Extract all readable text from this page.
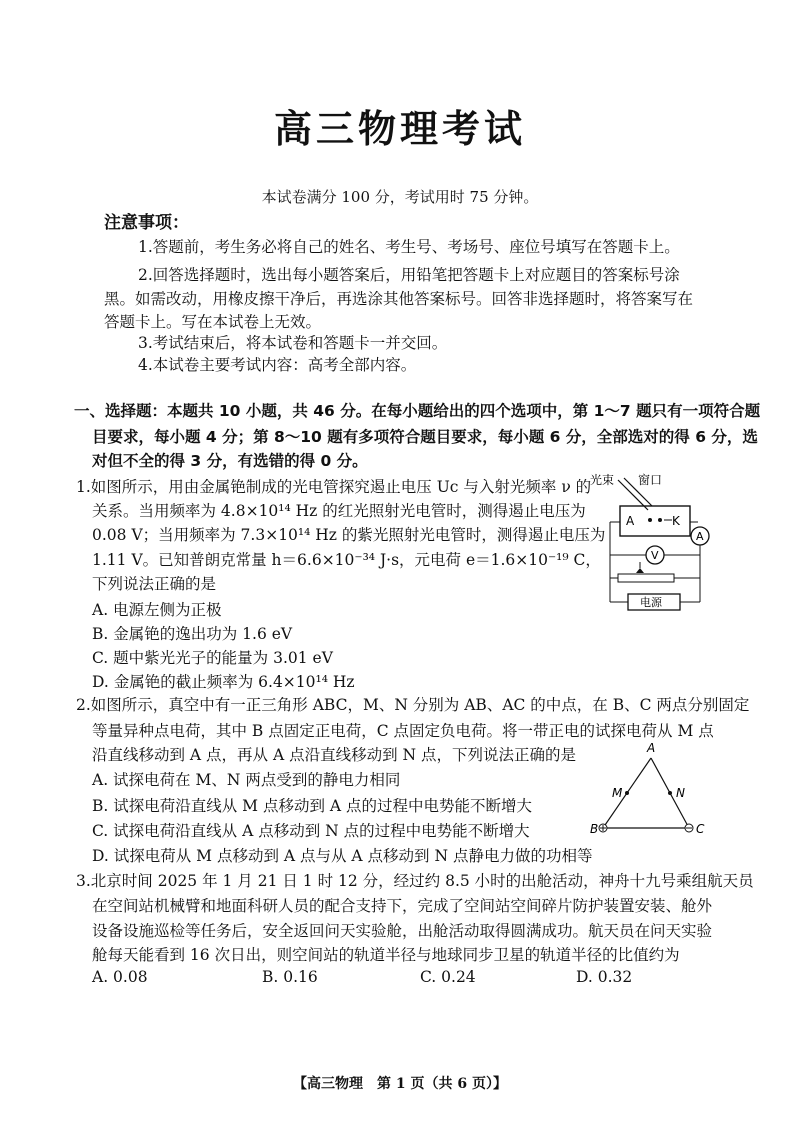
高三物理考试
本试卷满分 100 分，考试用时 75 分钟。
注意事项：
1.答题前，考生务必将自己的姓名、考生号、考场号、座位号填写在答题卡上。
2.回答选择题时，选出每小题答案后，用铅笔把答题卡上对应题目的答案标号涂
黑。如需改动，用橡皮擦干净后，再选涂其他答案标号。回答非选择题时，将答案写在
答题卡上。写在本试卷上无效。
3.考试结束后，将本试卷和答题卡一并交回。
4.本试卷主要考试内容：高考全部内容。
一、选择题：本题共 10 小题，共 46 分。在每小题给出的四个选项中，第 1～7 题只有一项符合题
目要求，每小题 4 分；第 8～10 题有多项符合题目要求，每小题 6 分，全部选对的得 6 分，选
对但不全的得 3 分，有选错的得 0 分。
1.如图所示，用由金属铯制成的光电管探究遏止电压 Uc 与入射光频率 ν 的
关系。当用频率为 4.8×10¹⁴ Hz 的红光照射光电管时，测得遏止电压为
0.08 V；当用频率为 7.3×10¹⁴ Hz 的紫光照射光电管时，测得遏止电压为
1.11 V。已知普朗克常量 h＝6.6×10⁻³⁴ J·s，元电荷 e＝1.6×10⁻¹⁹ C，
下列说法正确的是
A. 电源左侧为正极
B. 金属铯的逸出功为 1.6 eV
C. 题中紫光光子的能量为 3.01 eV
D. 金属铯的截止频率为 6.4×10¹⁴ Hz
光束 窗口
A	K
A
V
电源
2.如图所示，真空中有一正三角形 ABC，M、N 分别为 AB、AC 的中点，在 B、C 两点分别固定
等量异种点电荷，其中 B 点固定正电荷，C 点固定负电荷。将一带正电的试探电荷从 M 点
沿直线移动到 A 点，再从 A 点沿直线移动到 N 点，下列说法正确的是
A. 试探电荷在 M、N 两点受到的静电力相同
B. 试探电荷沿直线从 M 点移动到 A 点的过程中电势能不断增大
C. 试探电荷沿直线从 A 点移动到 N 点的过程中电势能不断增大
D. 试探电荷从 M 点移动到 A 点与从 A 点移动到 N 点静电力做的功相等
A
M	N
B	C
3.北京时间 2025 年 1 月 21 日 1 时 12 分，经过约 8.5 小时的出舱活动，神舟十九号乘组航天员
在空间站机械臂和地面科研人员的配合支持下，完成了空间站空间碎片防护装置安装、舱外
设备设施巡检等任务后，安全返回问天实验舱，出舱活动取得圆满成功。航天员在问天实验
舱每天能看到 16 次日出，则空间站的轨道半径与地球同步卫星的轨道半径的比值约为
A. 0.08	B. 0.16	C. 0.24	D. 0.32
【高三物理　第 1 页（共 6 页）】
